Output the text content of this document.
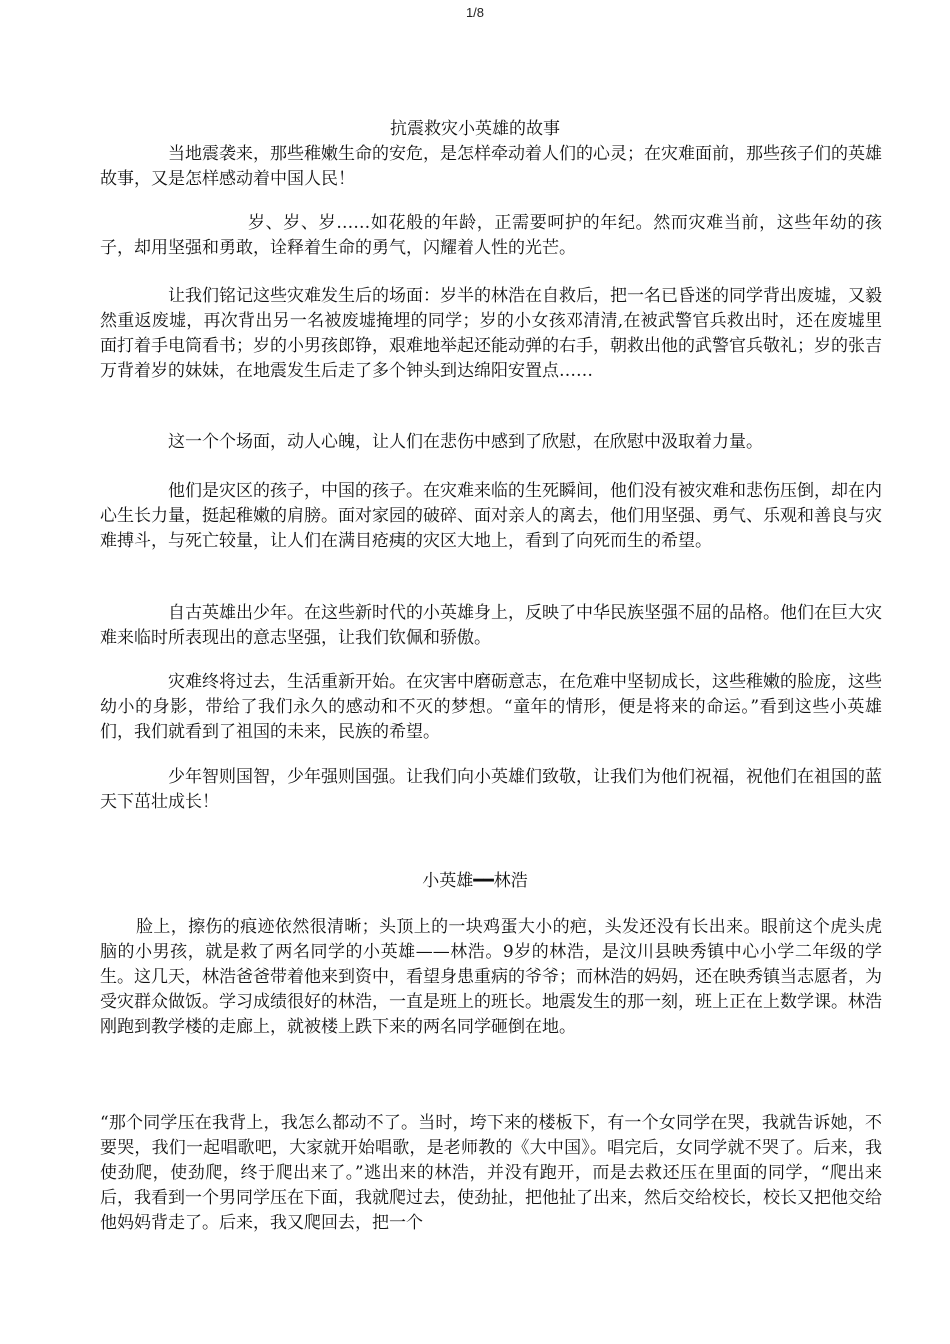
1/8
抗震救灾小英雄的故事

当地震袭来，那些稚嫩生命的安危，是怎样牵动着人们的心灵；在灾难面前，那些孩子们的英雄故事，又是怎样感动着中国人民！

岁、岁、岁……如花般的年龄，正需要呵护的年纪。然而灾难当前，这些年幼的孩子，却用坚强和勇敢，诠释着生命的勇气，闪耀着人性的光芒。

让我们铭记这些灾难发生后的场面：岁半的林浩在自救后，把一名已昏迷的同学背出废墟，又毅然重返废墟，再次背出另一名被废墟掩埋的同学；岁的小女孩邓清清,在被武警官兵救出时，还在废墟里面打着手电筒看书；岁的小男孩郎铮，艰难地举起还能动弹的右手，朝救出他的武警官兵敬礼；岁的张吉万背着岁的妹妹，在地震发生后走了多个钟头到达绵阳安置点……

这一个个场面，动人心魄，让人们在悲伤中感到了欣慰，在欣慰中汲取着力量。

他们是灾区的孩子，中国的孩子。在灾难来临的生死瞬间，他们没有被灾难和悲伤压倒，却在内心生长力量，挺起稚嫩的肩膀。面对家园的破碎、面对亲人的离去，他们用坚强、勇气、乐观和善良与灾难搏斗，与死亡较量，让人们在满目疮痍的灾区大地上，看到了向死而生的希望。

自古英雄出少年。在这些新时代的小英雄身上，反映了中华民族坚强不屈的品格。他们在巨大灾难来临时所表现出的意志坚强，让我们钦佩和骄傲。

灾难终将过去，生活重新开始。在灾害中磨砺意志，在危难中坚韧成长，这些稚嫩的脸庞，这些幼小的身影，带给了我们永久的感动和不灭的梦想。“童年的情形，便是将来的命运。”看到这些小英雄们，我们就看到了祖国的未来，民族的希望。

少年智则国智，少年强则国强。让我们向小英雄们致敬，让我们为他们祝福，祝他们在祖国的蓝天下茁壮成长！

小英雄━━林浩

脸上，擦伤的痕迹依然很清晰；头顶上的一块鸡蛋大小的疤，头发还没有长出来。眼前这个虎头虎脑的小男孩，就是救了两名同学的小英雄——林浩。9岁的林浩，是汶川县映秀镇中心小学二年级的学生。这几天，林浩爸爸带着他来到资中，看望身患重病的爷爷；而林浩的妈妈，还在映秀镇当志愿者，为受灾群众做饭。学习成绩很好的林浩，一直是班上的班长。地震发生的那一刻，班上正在上数学课。林浩刚跑到教学楼的走廊上，就被楼上跌下来的两名同学砸倒在地。

“那个同学压在我背上，我怎么都动不了。当时，垮下来的楼板下，有一个女同学在哭，我就告诉她，不要哭，我们一起唱歌吧，大家就开始唱歌，是老师教的《大中国》。唱完后，女同学就不哭了。后来，我使劲爬，使劲爬，终于爬出来了。”逃出来的林浩，并没有跑开，而是去救还压在里面的同学，“爬出来后，我看到一个男同学压在下面，我就爬过去，使劲扯，把他扯了出来，然后交给校长，校长又把他交给他妈妈背走了。后来，我又爬回去，把一个
